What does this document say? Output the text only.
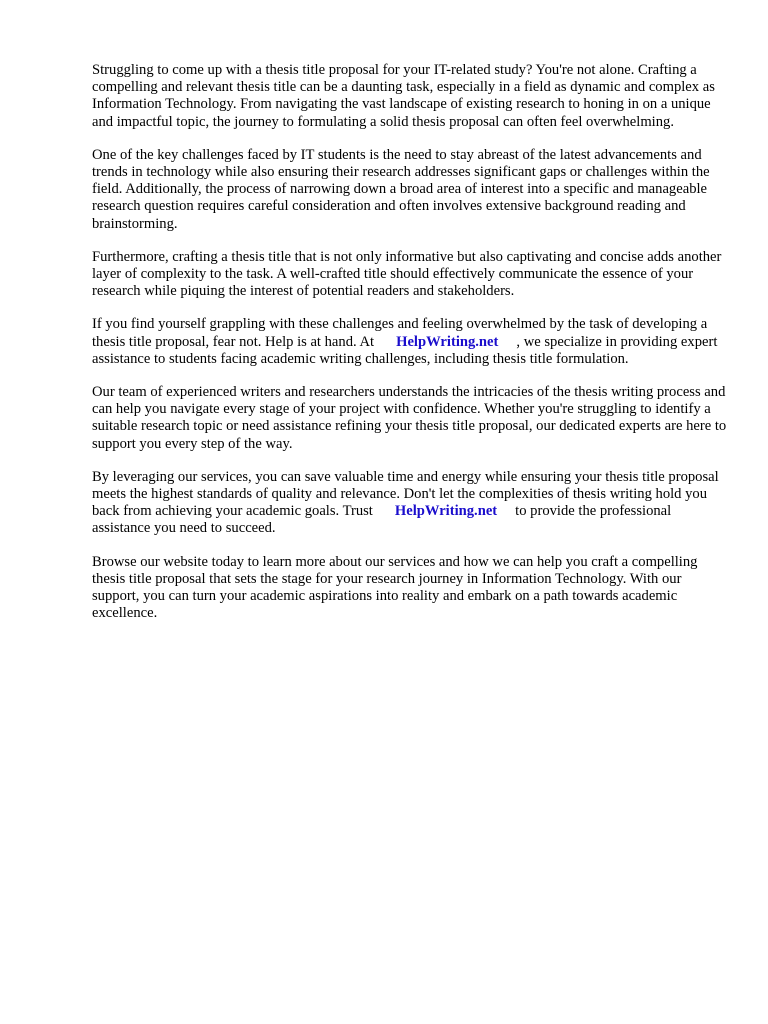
Struggling to come up with a thesis title proposal for your IT-related study? You're not alone. Crafting a compelling and relevant thesis title can be a daunting task, especially in a field as dynamic and complex as Information Technology. From navigating the vast landscape of existing research to honing in on a unique and impactful topic, the journey to formulating a solid thesis proposal can often feel overwhelming.

One of the key challenges faced by IT students is the need to stay abreast of the latest advancements and trends in technology while also ensuring their research addresses significant gaps or challenges within the field. Additionally, the process of narrowing down a broad area of interest into a specific and manageable research question requires careful consideration and often involves extensive background reading and brainstorming.

Furthermore, crafting a thesis title that is not only informative but also captivating and concise adds another layer of complexity to the task. A well-crafted title should effectively communicate the essence of your research while piquing the interest of potential readers and stakeholders.

If you find yourself grappling with these challenges and feeling overwhelmed by the task of developing a thesis title proposal, fear not. Help is at hand. At HelpWriting.net , we specialize in providing expert assistance to students facing academic writing challenges, including thesis title formulation.

Our team of experienced writers and researchers understands the intricacies of the thesis writing process and can help you navigate every stage of your project with confidence. Whether you're struggling to identify a suitable research topic or need assistance refining your thesis title proposal, our dedicated experts are here to support you every step of the way.

By leveraging our services, you can save valuable time and energy while ensuring your thesis title proposal meets the highest standards of quality and relevance. Don't let the complexities of thesis writing hold you back from achieving your academic goals. Trust HelpWriting.net to provide the professional assistance you need to succeed.

Browse our website today to learn more about our services and how we can help you craft a compelling thesis title proposal that sets the stage for your research journey in Information Technology. With our support, you can turn your academic aspirations into reality and embark on a path towards academic excellence.
